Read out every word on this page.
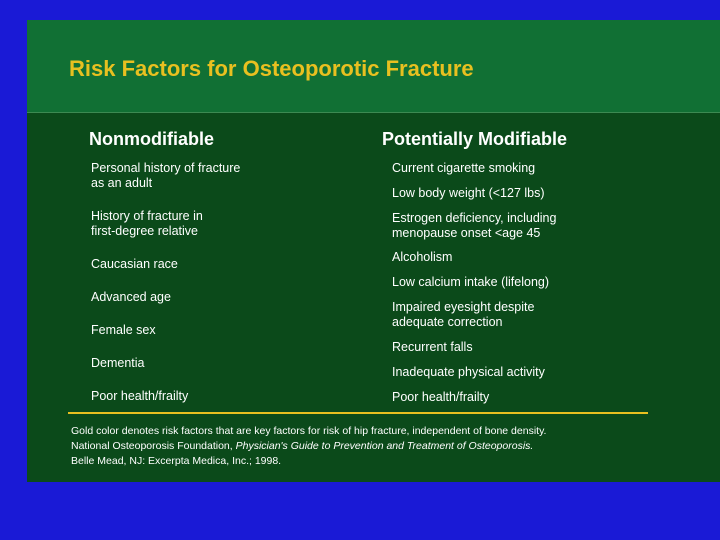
Risk Factors for Osteoporotic Fracture
Nonmodifiable	Potentially Modifiable
Personal history of fracture
as an adult
History of fracture in
first-degree relative
Caucasian race
Advanced age
Female sex
Dementia
Poor health/frailty
Current cigarette smoking
Low body weight (<127 lbs)
Estrogen deficiency, including
menopause onset <age 45
Alcoholism
Low calcium intake (lifelong)
Impaired eyesight despite
adequate correction
Recurrent falls
Inadequate physical activity
Poor health/frailty
Gold color denotes risk factors that are key factors for risk of hip fracture, independent of bone density.
National Osteoporosis Foundation, Physician's Guide to Prevention and Treatment of Osteoporosis.
Belle Mead, NJ: Excerpta Medica, Inc.; 1998.
